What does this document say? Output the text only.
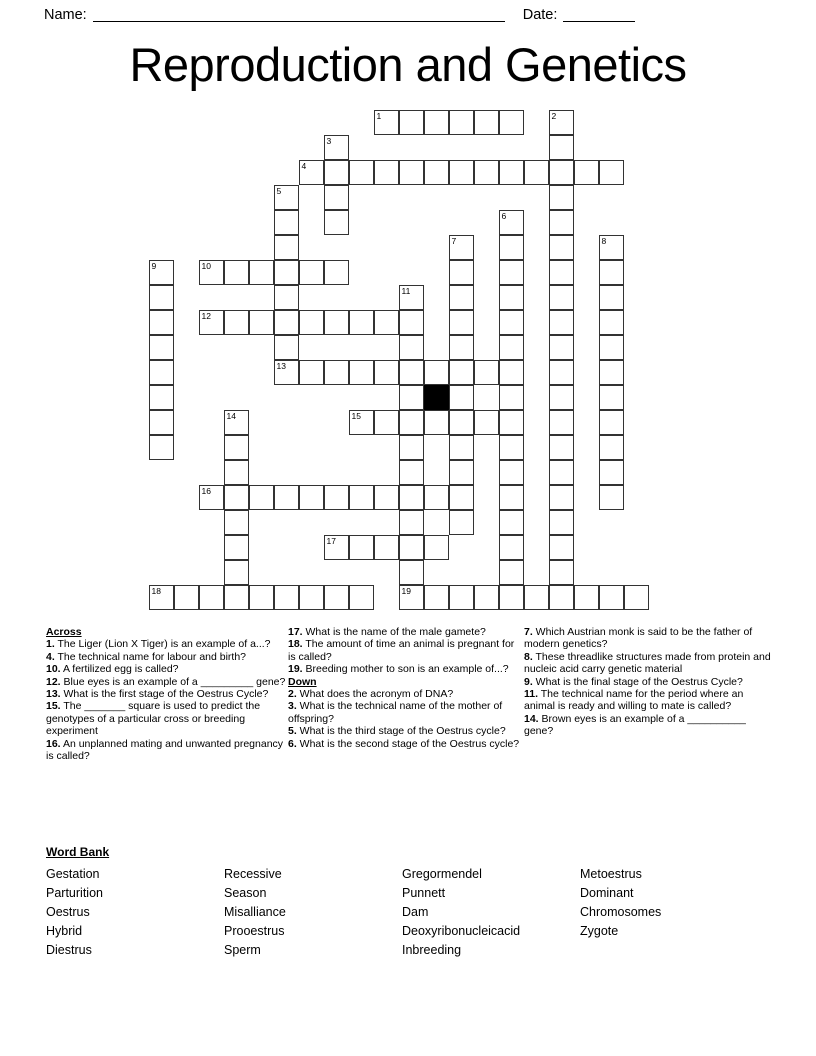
Name:	Date:
Reproduction and Genetics
1	2
3
4
5
13
6
7	8
9	10
11
12
14	15
16
17
18	19
Across
1. The Liger (Lion X Tiger) is an example of a...?
4. The technical name for labour and birth?
10. A fertilized egg is called?
12. Blue eyes is an example of a _________ gene?
13. What is the first stage of the Oestrus Cycle?
15. The _______ square is used to predict the genotypes of a particular cross or breeding experiment
16. An unplanned mating and unwanted pregnancy is called?
17. What is the name of the male gamete?
18. The amount of time an animal is pregnant for is called?
19. Breeding mother to son is an example of...?
Down
2. What does the acronym of DNA?
3. What is the technical name of the mother of offspring?
5. What is the third stage of the Oestrus cycle?
6. What is the second stage of the Oestrus cycle?
7. Which Austrian monk is said to be the father of modern genetics?
8. These threadlike structures made from protein and nucleic acid carry genetic material
9. What is the final stage of the Oestrus Cycle?
11. The technical name for the period where an animal is ready and willing to mate is called?
14. Brown eyes is an example of a __________ gene?
Word Bank
Gestation
Parturition
Oestrus
Hybrid
Diestrus
Recessive
Season
Misalliance
Prooestrus
Sperm
Gregormendel
Punnett
Dam
Deoxyribonucleicacid
Inbreeding
Metoestrus
Dominant
Chromosomes
Zygote
